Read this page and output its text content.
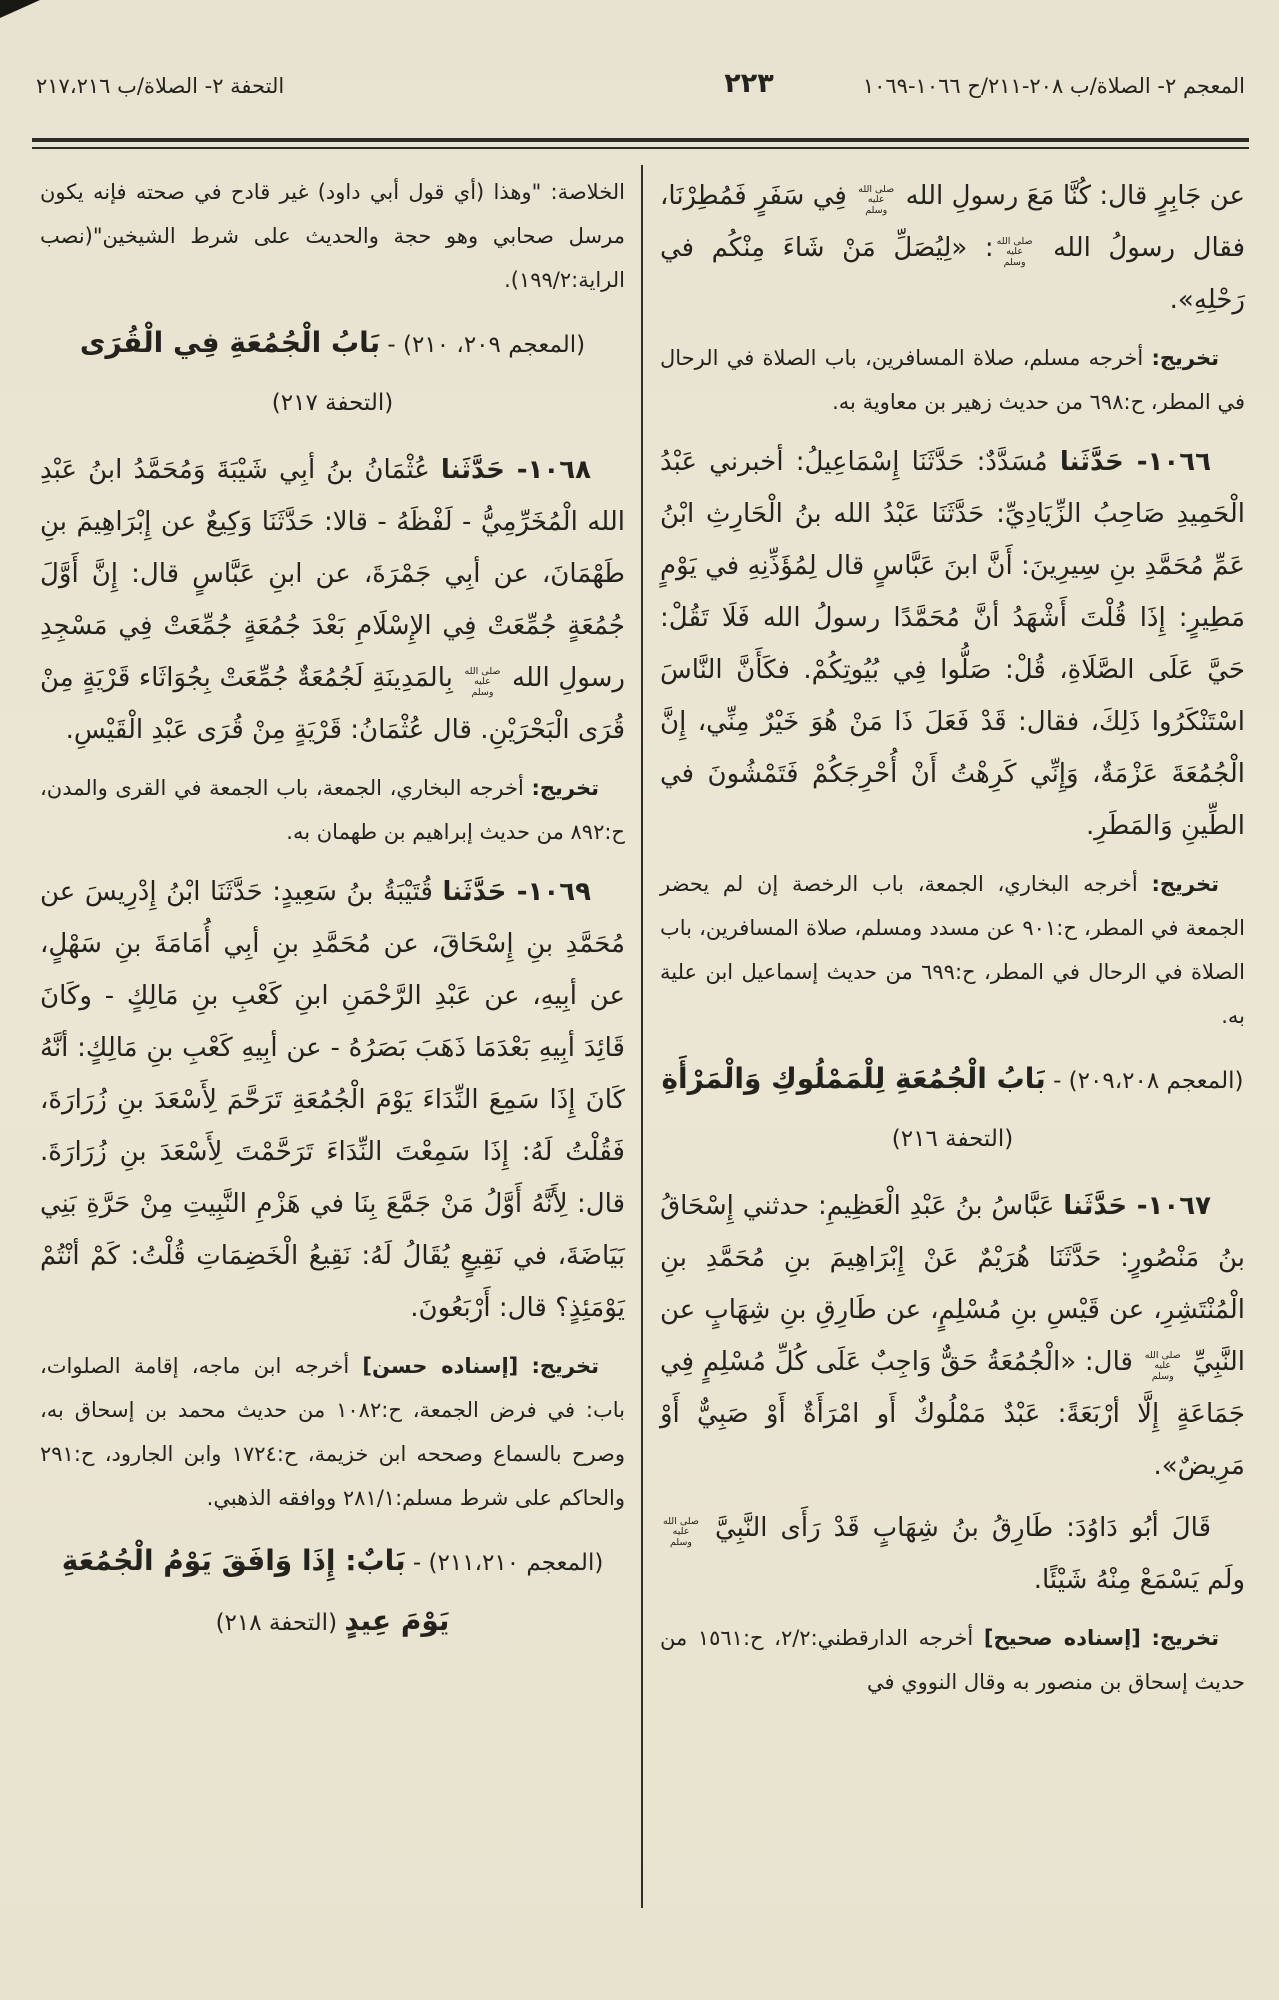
المعجم ٢- الصلاة/ب ٢٠٨-٢١١/ح ١٠٦٦-١٠٦٩
٢٢٣
التحفة ٢- الصلاة/ب ٢١٧،٢١٦

عن جَابِرٍ قال: كُنَّا مَعَ رسولِ الله صلى الله عليه وسلم فِي سَفَرٍ فَمُطِرْنَا، فقال رسولُ الله صلى الله عليه وسلم: «لِيُصَلِّ مَنْ شَاءَ مِنْكُم في رَحْلِهِ».

تخريج: أخرجه مسلم، صلاة المسافرين، باب الصلاة في الرحال في المطر، ح:٦٩٨ من حديث زهير بن معاوية به.

١٠٦٦- حَدَّثَنا مُسَدَّدٌ: حَدَّثَنَا إِسْمَاعِيلُ: أخبرني عَبْدُ الْحَمِيدِ صَاحِبُ الزِّيَادِيِّ: حَدَّثَنَا عَبْدُ الله بنُ الْحَارِثِ ابْنُ عَمِّ مُحَمَّدِ بنِ سِيرِينَ: أَنَّ ابنَ عَبَّاسٍ قال لِمُؤَذِّنِهِ في يَوْمٍ مَطِيرٍ: إِذَا قُلْتَ أَشْهَدُ أنَّ مُحَمَّدًا رسولُ الله فَلَا تَقُلْ: حَيَّ عَلَى الصَّلَاةِ، قُلْ: صَلُّوا فِي بُيُوتِكُمْ. فكَأَنَّ النَّاسَ اسْتَنْكَرُوا ذَلِكَ، فقال: قَدْ فَعَلَ ذَا مَنْ هُوَ خَيْرٌ مِنِّي، إِنَّ الْجُمُعَةَ عَزْمَةٌ، وَإِنِّي كَرِهْتُ أَنْ أُحْرِجَكُمْ فَتَمْشُونَ في الطِّينِ وَالمَطَرِ.

تخريج: أخرجه البخاري، الجمعة، باب الرخصة إن لم يحضر الجمعة في المطر، ح:٩٠١ عن مسدد ومسلم، صلاة المسافرين، باب الصلاة في الرحال في المطر، ح:٦٩٩ من حديث إسماعيل ابن علية به.

(المعجم ٢٠٩،٢٠٨) - بَابُ الْجُمُعَةِ لِلْمَمْلُوكِ وَالْمَرْأَةِ (التحفة ٢١٦)

١٠٦٧- حَدَّثَنا عَبَّاسُ بنُ عَبْدِ الْعَظِيمِ: حدثني إِسْحَاقُ بنُ مَنْصُورٍ: حَدَّثَنَا هُرَيْمٌ عَنْ إِبْرَاهِيمَ بنِ مُحَمَّدِ بنِ الْمُنْتَشِرِ، عن قَيْسِ بنِ مُسْلِمٍ، عن طَارِقِ بنِ شِهَابٍ عن النَّبِيِّ صلى الله عليه وسلم قال: «الْجُمُعَةُ حَقٌّ وَاجِبٌ عَلَى كُلِّ مُسْلِمٍ فِي جَمَاعَةٍ إِلَّا أرْبَعَةً: عَبْدٌ مَمْلُوكٌ أَو امْرَأَةٌ أَوْ صَبِيٌّ أَوْ مَرِيضٌ».

قَالَ أبُو دَاوُدَ: طَارِقُ بنُ شِهَابٍ قَدْ رَأَى النَّبِيَّ صلى الله عليه وسلم ولَم يَسْمَعْ مِنْهُ شَيْئًا.

تخريج: [إسناده صحيح] أخرجه الدارقطني:٢/٢، ح:١٥٦١ من حديث إسحاق بن منصور به وقال النووي في

الخلاصة: "وهذا (أي قول أبي داود) غير قادح في صحته فإنه يكون مرسل صحابي وهو حجة والحديث على شرط الشيخين"(نصب الراية:١٩٩/٢).

(المعجم ٢٠٩، ٢١٠) - بَابُ الْجُمُعَةِ فِي الْقُرَى
(التحفة ٢١٧)

١٠٦٨- حَدَّثَنا عُثْمَانُ بنُ أبِي شَيْبَةَ وَمُحَمَّدُ ابنُ عَبْدِ الله الْمُخَرِّمِيُّ - لَفْظَهُ - قالا: حَدَّثَنَا وَكِيعٌ عن إِبْرَاهِيمَ بنِ طَهْمَانَ، عن أبِي جَمْرَةَ، عن ابنِ عَبَّاسٍ قال: إِنَّ أَوَّلَ جُمُعَةٍ جُمِّعَتْ فِي الإِسْلَامِ بَعْدَ جُمُعَةٍ جُمِّعَتْ فِي مَسْجِدِ رسولِ الله صلى الله عليه وسلم بِالمَدِينَةِ لَجُمُعَةٌ جُمِّعَتْ بِجُوَاثَاء قَرْيَةٍ مِنْ قُرَى الْبَحْرَيْنِ. قال عُثْمَانُ: قَرْيَةٍ مِنْ قُرَى عَبْدِ الْقَيْسِ.

تخريج: أخرجه البخاري، الجمعة، باب الجمعة في القرى والمدن، ح:٨٩٢ من حديث إبراهيم بن طهمان به.

١٠٦٩- حَدَّثَنا قُتَيْبَةُ بنُ سَعِيدٍ: حَدَّثَنَا ابْنُ إِدْرِيسَ عن مُحَمَّدِ بنِ إِسْحَاقَ، عن مُحَمَّدِ بنِ أبِي أُمَامَةَ بنِ سَهْلٍ، عن أبِيهِ، عن عَبْدِ الرَّحْمَنِ ابنِ كَعْبِ بنِ مَالِكٍ - وكَانَ قَائِدَ أبِيهِ بَعْدَمَا ذَهَبَ بَصَرُهُ - عن أبِيهِ كَعْبِ بنِ مَالِكٍ: أنَّهُ كَانَ إِذَا سَمِعَ النِّدَاءَ يَوْمَ الْجُمُعَةِ تَرَحَّمَ لِأَسْعَدَ بنِ زُرَارَةَ، فَقُلْتُ لَهُ: إِذَا سَمِعْتَ النِّدَاءَ تَرَحَّمْتَ لِأَسْعَدَ بنِ زُرَارَةَ. قال: لِأَنَّهُ أَوَّلُ مَنْ جَمَّعَ بِنَا في هَزْمِ النَّبِيتِ مِنْ حَرَّةِ بَنِي بَيَاضَةَ، في نَقِيعٍ يُقَالُ لَهُ: نَقِيعُ الْخَضِمَاتِ قُلْتُ: كَمْ أنْتُمْ يَوْمَئِذٍ؟ قال: أَرْبَعُونَ.

تخريج: [إسناده حسن] أخرجه ابن ماجه، إقامة الصلوات، باب: في فرض الجمعة، ح:١٠٨٢ من حديث محمد بن إسحاق به، وصرح بالسماع وصححه ابن خزيمة، ح:١٧٢٤ وابن الجارود، ح:٢٩١ والحاكم على شرط مسلم:٢٨١/١ ووافقه الذهبي.

(المعجم ٢١١،٢١٠) - بَابٌ: إِذَا وَافَقَ يَوْمُ الْجُمُعَةِ يَوْمَ عِيدٍ (التحفة ٢١٨)
